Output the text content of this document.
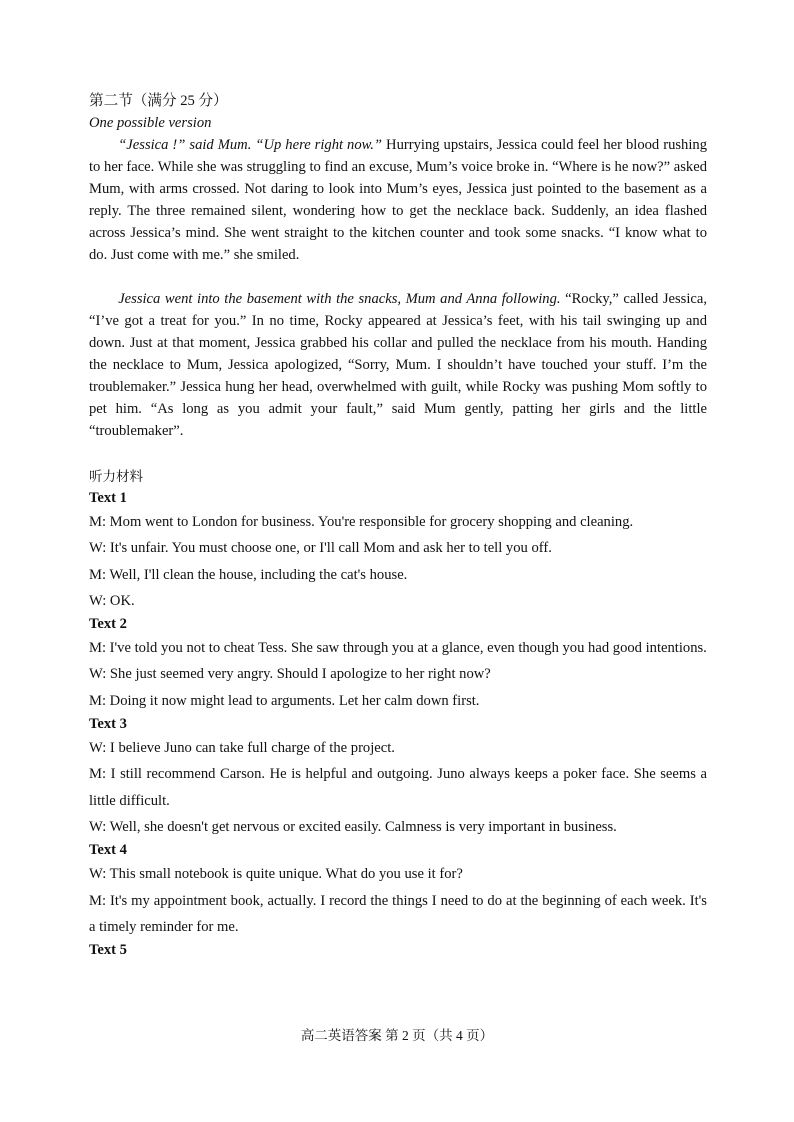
第二节（满分 25 分）
One possible version

“Jessica !” said Mum. “Up here right now.” Hurrying upstairs, Jessica could feel her blood rushing to her face. While she was struggling to find an excuse, Mum’s voice broke in. “Where is he now?” asked Mum, with arms crossed. Not daring to look into Mum’s eyes, Jessica just pointed to the basement as a reply. The three remained silent, wondering how to get the necklace back. Suddenly, an idea flashed across Jessica’s mind. She went straight to the kitchen counter and took some snacks. “I know what to do. Just come with me.” she smiled.

Jessica went into the basement with the snacks, Mum and Anna following. “Rocky,” called Jessica, “I’ve got a treat for you.” In no time, Rocky appeared at Jessica’s feet, with his tail swinging up and down. Just at that moment, Jessica grabbed his collar and pulled the necklace from his mouth. Handing the necklace to Mum, Jessica apologized, “Sorry, Mum. I shouldn’t have touched your stuff. I’m the troublemaker.” Jessica hung her head, overwhelmed with guilt, while Rocky was pushing Mom softly to pet him. “As long as you admit your fault,” said Mum gently, patting her girls and the little “troublemaker”.

听力材料
Text 1
M: Mom went to London for business. You're responsible for grocery shopping and cleaning.
W: It's unfair. You must choose one, or I'll call Mom and ask her to tell you off.
M: Well, I'll clean the house, including the cat's house.
W: OK.
Text 2
M: I've told you not to cheat Tess. She saw through you at a glance, even though you had good intentions.
W: She just seemed very angry. Should I apologize to her right now?
M: Doing it now might lead to arguments. Let her calm down first.
Text 3
W: I believe Juno can take full charge of the project.
M: I still recommend Carson. He is helpful and outgoing. Juno always keeps a poker face. She seems a little difficult.
W: Well, she doesn't get nervous or excited easily. Calmness is very important in business.
Text 4
W: This small notebook is quite unique. What do you use it for?
M: It's my appointment book, actually. I record the things I need to do at the beginning of each week. It's a timely reminder for me.
Text 5
高二英语答案 第 2 页（共 4 页）
